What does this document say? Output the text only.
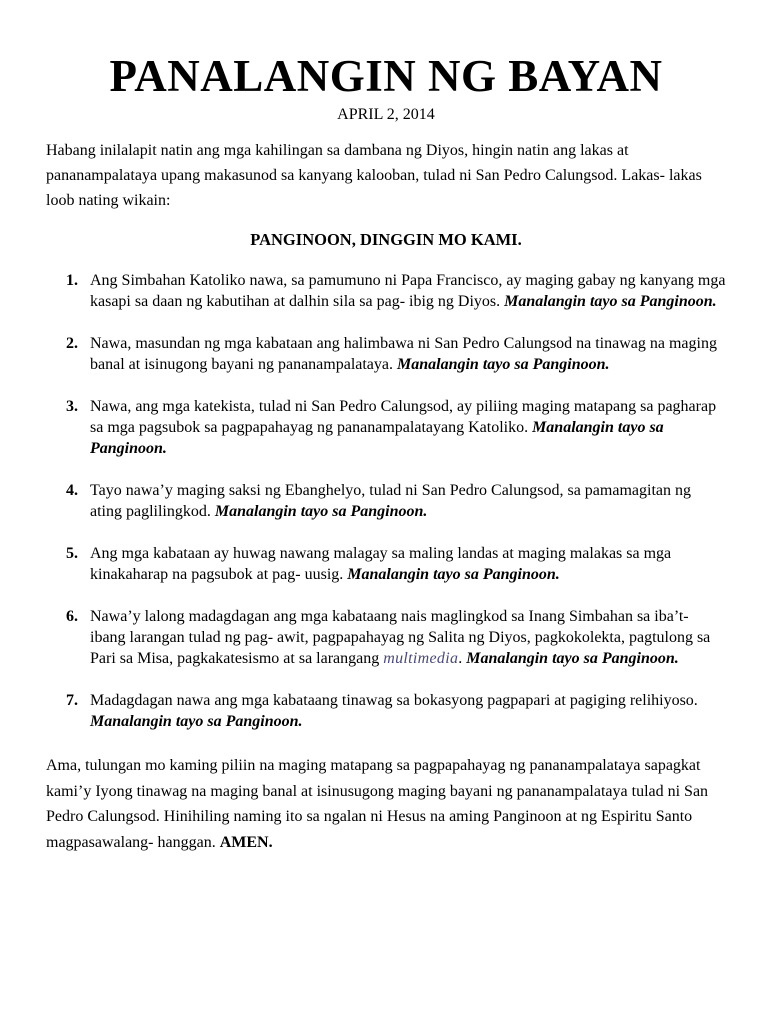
PANALANGIN NG BAYAN
APRIL 2, 2014

Habang inilalapit natin ang mga kahilingan sa dambana ng Diyos, hingin natin ang lakas at pananampalataya upang makasunod sa kanyang kalooban, tulad ni San Pedro Calungsod. Lakas- lakas loob nating wikain:

PANGINOON, DINGGIN MO KAMI.
1. Ang Simbahan Katoliko nawa, sa pamumuno ni Papa Francisco, ay maging gabay ng kanyang mga kasapi sa daan ng kabutihan at dalhin sila sa pag- ibig ng Diyos. Manalangin tayo sa Panginoon.
2. Nawa, masundan ng mga kabataan ang halimbawa ni San Pedro Calungsod na tinawag na maging banal at isinugong bayani ng pananampalataya. Manalangin tayo sa Panginoon.
3. Nawa, ang mga katekista, tulad ni San Pedro Calungsod, ay piliing maging matapang sa pagharap sa mga pagsubok sa pagpapahayag ng pananampalatayang Katoliko. Manalangin tayo sa Panginoon.
4. Tayo nawa’y maging saksi ng Ebanghelyo, tulad ni San Pedro Calungsod, sa pamamagitan ng ating paglilingkod. Manalangin tayo sa Panginoon.
5. Ang mga kabataan ay huwag nawang malagay sa maling landas at maging malakas sa mga kinakaharap na pagsubok at pag- uusig. Manalangin tayo sa Panginoon.
6. Nawa’y lalong madagdagan ang mga kabataang nais maglingkod sa Inang Simbahan sa iba’t- ibang larangan tulad ng pag- awit, pagpapahayag ng Salita ng Diyos, pagkokolekta, pagtulong sa Pari sa Misa, pagkakatesismo at sa larangang multimedia. Manalangin tayo sa Panginoon.
7. Madagdagan nawa ang mga kabataang tinawag sa bokasyong pagpapari at pagiging relihiyoso. Manalangin tayo sa Panginoon.

Ama, tulungan mo kaming piliin na maging matapang sa pagpapahayag ng pananampalataya sapagkat kami’y Iyong tinawag na maging banal at isinusugong maging bayani ng pananampalataya tulad ni San Pedro Calungsod. Hinihiling naming ito sa ngalan ni Hesus na aming Panginoon at ng Espiritu Santo magpasawalang- hanggan. AMEN.
